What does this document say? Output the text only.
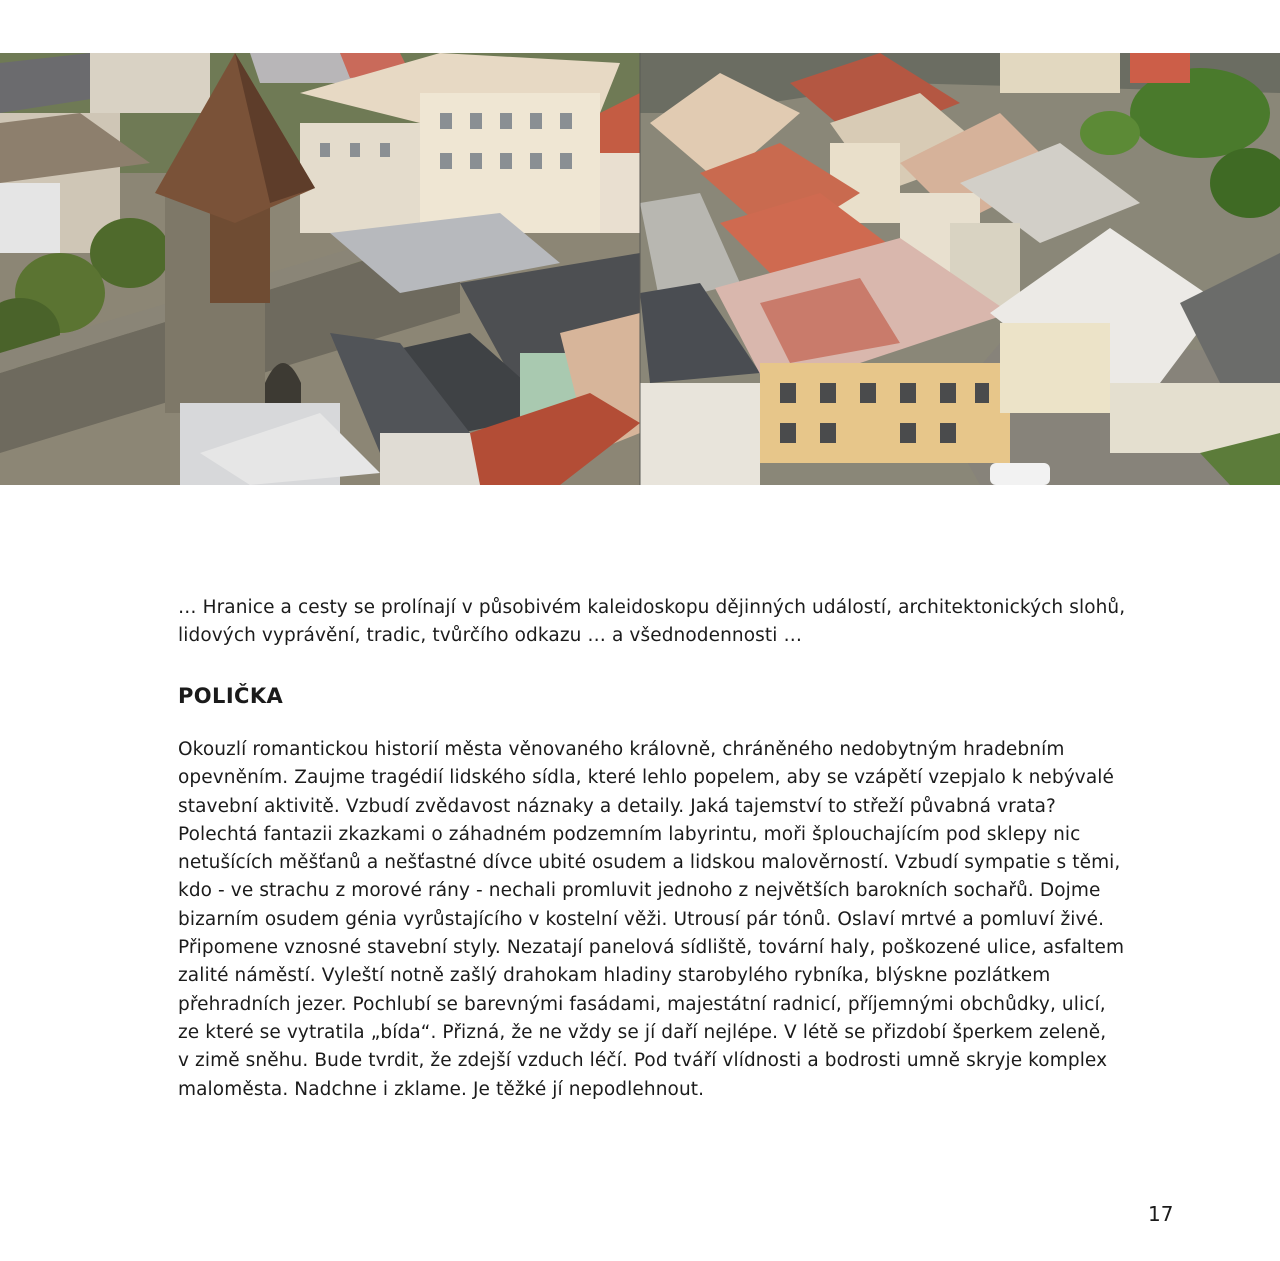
… Hranice a cesty se prolínají v působivém kaleidoskopu dějinných událostí, architektonických slohů,
lidových vyprávění, tradic, tvůrčího odkazu … a všednodennosti …

POLIČKA

Okouzlí romantickou historií města věnovaného královně, chráněného nedobytným hradebním
opevněním. Zaujme tragédií lidského sídla, které lehlo popelem, aby se vzápětí vzepjalo k nebývalé
stavební aktivitě. Vzbudí zvědavost náznaky a detaily. Jaká tajemství to střeží půvabná vrata?
Polechtá fantazii zkazkami o záhadném podzemním labyrintu, moři šplouchajícím pod sklepy nic
netušících měšťanů a nešťastné dívce ubité osudem a lidskou malověrností. Vzbudí sympatie s těmi,
kdo - ve strachu z morové rány - nechali promluvit jednoho z největších barokních sochařů. Dojme
bizarním osudem génia vyrůstajícího v kostelní věži. Utrousí pár tónů. Oslaví mrtvé a pomluví živé.
Připomene vznosné stavební styly. Nezatají panelová sídliště, tovární haly, poškozené ulice, asfaltem
zalité náměstí. Vyleští notně zašlý drahokam hladiny starobylého rybníka, blýskne pozlátkem
přehradních jezer. Pochlubí se barevnými fasádami, majestátní radnicí, příjemnými obchůdky, ulicí,
ze které se vytratila „bída“. Přizná, že ne vždy se jí daří nejlépe. V létě se přizdobí šperkem zeleně,
v zimě sněhu. Bude tvrdit, že zdejší vzduch léčí. Pod tváří vlídnosti a bodrosti umně skryje komplex
maloměsta. Nadchne i zklame. Je těžké jí nepodlehnout.

17
